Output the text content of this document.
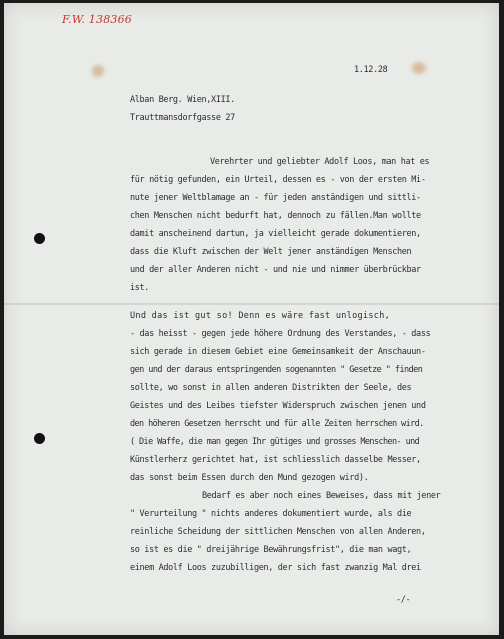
F.W. 138366

1.12.28

Alban Berg. Wien,XIII.

Trauttmansdorfgasse 27

Verehrter und geliebter Adolf Loos, man hat es

für nötig gefunden, ein Urteil, dessen es - von der ersten Mi-

nute jener Weltblamage an - für jeden anständigen und sittli-

chen Menschen nicht bedurft hat, dennoch zu fällen.Man wollte

damit anscheinend dartun, ja vielleicht gerade dokumentieren,

dass die Kluft zwischen der Welt jener anständigen Menschen

und der aller Anderen nicht - und nie und nimmer überbrückbar

ist.

Und das ist gut so! Denn es wäre fast unlogisch,

- das heisst - gegen jede höhere Ordnung des Verstandes, - dass

sich gerade in diesem Gebiet eine Gemeinsamkeit der Anschauun-

gen und der daraus entspringenden sogenannten " Gesetze " finden

sollte, wo sonst in allen anderen Distrikten der Seele, des

Geistes und des Leibes tiefster Widerspruch zwischen jenen und

den höheren Gesetzen herrscht und für alle Zeiten herrschen wird.

( Die Waffe, die man gegen Ihr gütiges und grosses Menschen- und

Künstlerherz gerichtet hat, ist schliesslich dasselbe Messer,

das sonst beim Essen durch den Mund gezogen wird).

Bedarf es aber noch eines Beweises, dass mit jener

" Verurteilung " nichts anderes dokumentiert wurde, als die

reinliche Scheidung der sittlichen Menschen von allen Anderen,

so ist es die " dreijährige Bewährungsfrist", die man wagt,

einem Adolf Loos zuzubilligen, der sich fast zwanzig Mal drei

-/-
